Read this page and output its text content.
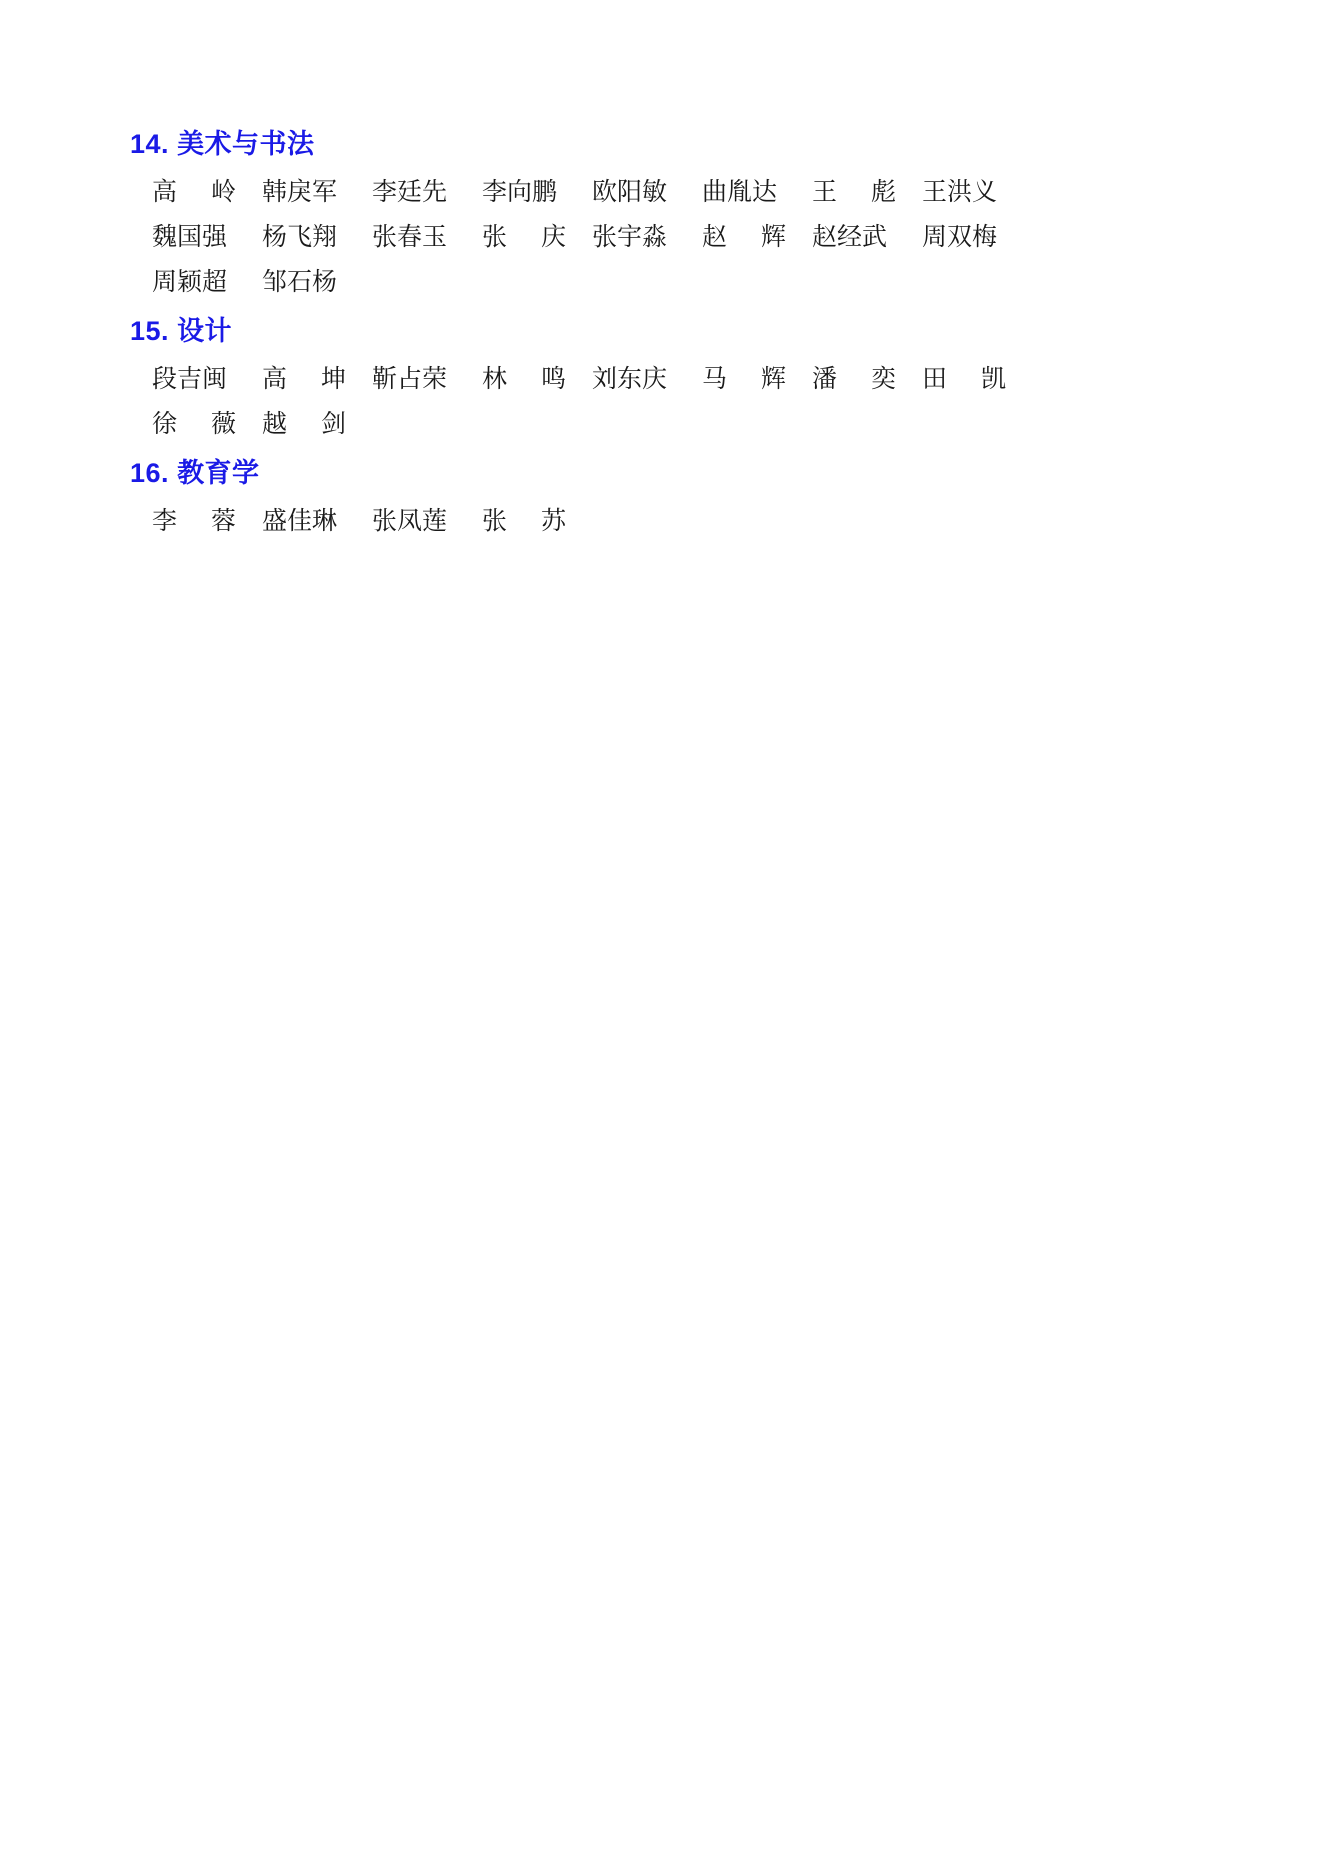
14. 美术与书法
高　岭 韩戾军 李廷先 李向鹏 欧阳敏 曲胤达 王　彪 王洪义
魏国强 杨飞翔 张春玉 张　庆 张宇淼 赵　辉 赵经武 周双梅
周颖超 邹石杨
15. 设计
段吉闽 高　坤 靳占荣 林　鸣 刘东庆 马　辉 潘　奕 田　凯
徐　薇 越　剑
16. 教育学
李　蓉 盛佳琳 张凤莲 张　苏
